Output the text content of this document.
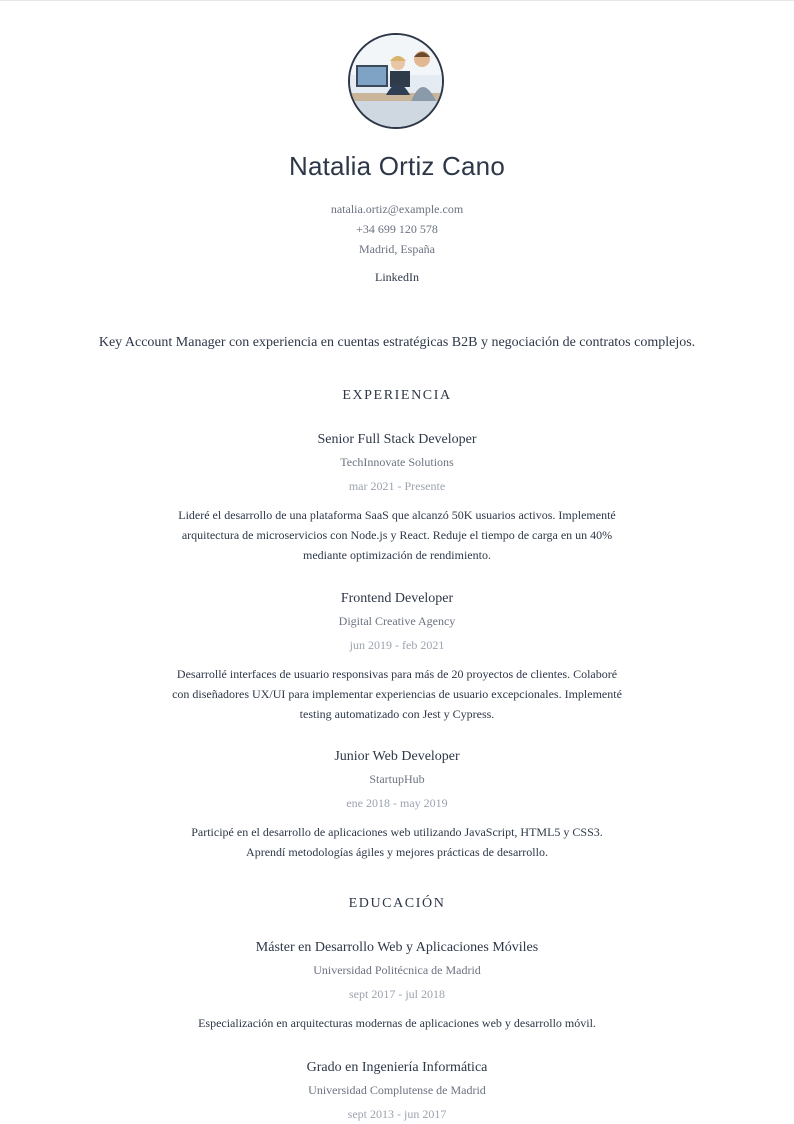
Natalia Ortiz Cano
natalia.ortiz@example.com
+34 699 120 578
Madrid, España
LinkedIn
Key Account Manager con experiencia en cuentas estratégicas B2B y negociación de contratos complejos.
EXPERIENCIA
Senior Full Stack Developer
TechInnovate Solutions
mar 2021 - Presente
Lideré el desarrollo de una plataforma SaaS que alcanzó 50K usuarios activos. Implementé arquitectura de microservicios con Node.js y React. Reduje el tiempo de carga en un 40% mediante optimización de rendimiento.
Frontend Developer
Digital Creative Agency
jun 2019 - feb 2021
Desarrollé interfaces de usuario responsivas para más de 20 proyectos de clientes. Colaboré con diseñadores UX/UI para implementar experiencias de usuario excepcionales. Implementé testing automatizado con Jest y Cypress.
Junior Web Developer
StartupHub
ene 2018 - may 2019
Participé en el desarrollo de aplicaciones web utilizando JavaScript, HTML5 y CSS3. Aprendí metodologías ágiles y mejores prácticas de desarrollo.
EDUCACIÓN
Máster en Desarrollo Web y Aplicaciones Móviles
Universidad Politécnica de Madrid
sept 2017 - jul 2018
Especialización en arquitecturas modernas de aplicaciones web y desarrollo móvil.
Grado en Ingeniería Informática
Universidad Complutense de Madrid
sept 2013 - jun 2017
